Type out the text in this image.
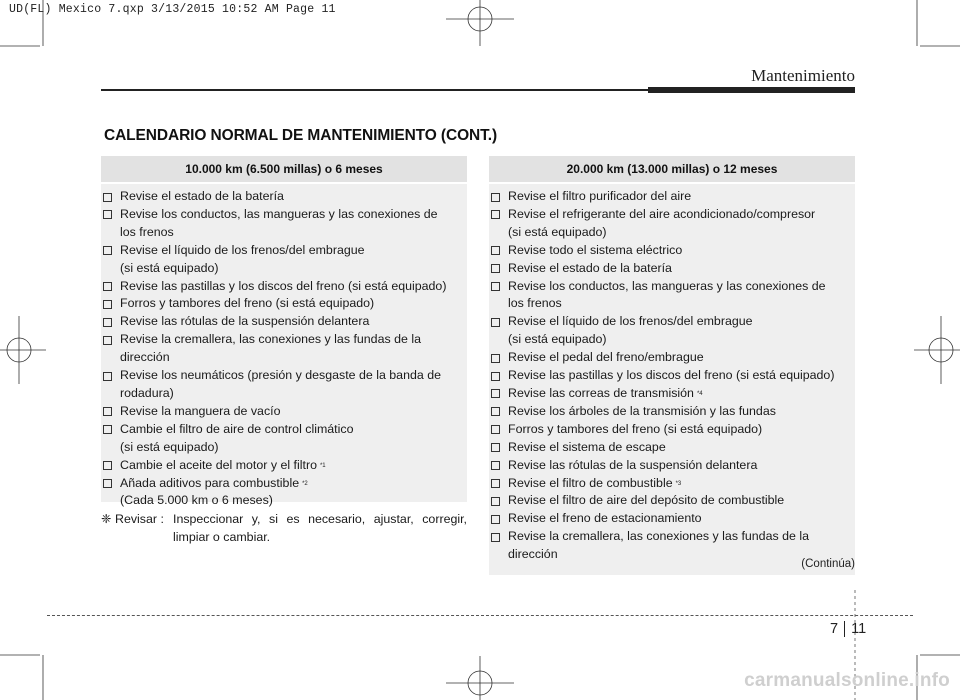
UD(FL) Mexico 7.qxp 3/13/2015 10:52 AM Page 11
Mantenimiento
CALENDARIO NORMAL DE MANTENIMIENTO (CONT.)
10.000 km (6.500 millas) o 6 meses
Revise el estado de la batería
Revise los conductos, las mangueras y las conexiones de
los frenos
Revise el líquido de los frenos/del embrague
(si está equipado)
Revise las pastillas y los discos del freno (si está equipado)
Forros y tambores del freno (si está equipado)
Revise las rótulas de la suspensión delantera
Revise la cremallera, las conexiones y las fundas de la
dirección
Revise los neumáticos (presión y desgaste de la banda de
rodadura)
Revise la manguera de vacío
Cambie el filtro de aire de control climático
(si está equipado)
Cambie el aceite del motor y el filtro $^{*1}$
Añada aditivos para combustible $^{*2}$
(Cada 5.000 km o 6 meses)
❈ Revisar : Inspeccionar y, si es necesario, ajustar, corregir,
limpiar o cambiar.
20.000 km (13.000 millas) o 12 meses
Revise el filtro purificador del aire
Revise el refrigerante del aire acondicionado/compresor
(si está equipado)
Revise todo el sistema eléctrico
Revise el estado de la batería
Revise los conductos, las mangueras y las conexiones de
los frenos
Revise el líquido de los frenos/del embrague
(si está equipado)
Revise el pedal del freno/embrague
Revise las pastillas y los discos del freno (si está equipado)
Revise las correas de transmisión $^{*4}$
Revise los árboles de la transmisión y las fundas
Forros y tambores del freno (si está equipado)
Revise el sistema de escape
Revise las rótulas de la suspensión delantera
Revise el filtro de combustible $^{*3}$
Revise el filtro de aire del depósito de combustible
Revise el freno de estacionamiento
Revise la cremallera, las conexiones y las fundas de la
dirección
(Continúa)
7 11
carmanualsonline.info
